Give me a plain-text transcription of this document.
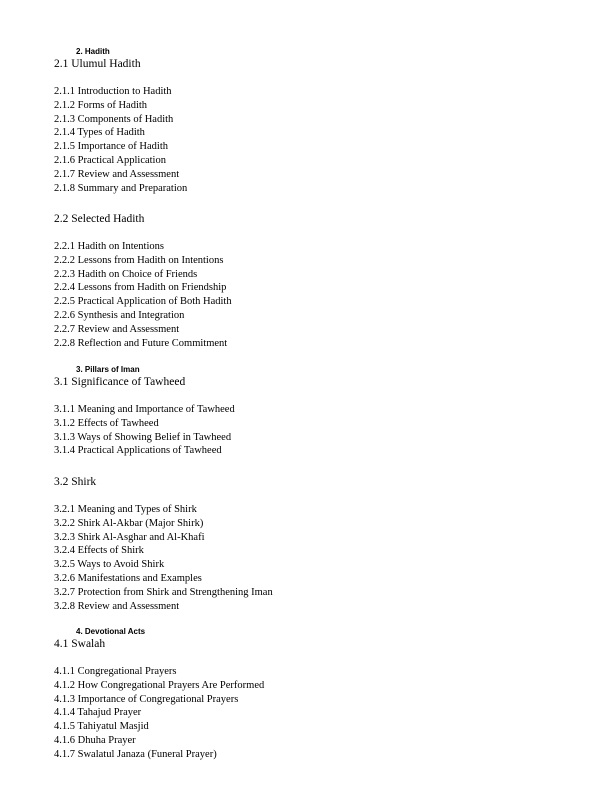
2. Hadith
2.1 Ulumul Hadith
2.1.1 Introduction to Hadith
2.1.2 Forms of Hadith
2.1.3 Components of Hadith
2.1.4 Types of Hadith
2.1.5 Importance of Hadith
2.1.6 Practical Application
2.1.7 Review and Assessment
2.1.8 Summary and Preparation
2.2 Selected Hadith
2.2.1 Hadith on Intentions
2.2.2 Lessons from Hadith on Intentions
2.2.3 Hadith on Choice of Friends
2.2.4 Lessons from Hadith on Friendship
2.2.5 Practical Application of Both Hadith
2.2.6 Synthesis and Integration
2.2.7 Review and Assessment
2.2.8 Reflection and Future Commitment
3. Pillars of Iman
3.1 Significance of Tawheed
3.1.1 Meaning and Importance of Tawheed
3.1.2 Effects of Tawheed
3.1.3 Ways of Showing Belief in Tawheed
3.1.4 Practical Applications of Tawheed
3.2 Shirk
3.2.1 Meaning and Types of Shirk
3.2.2 Shirk Al-Akbar (Major Shirk)
3.2.3 Shirk Al-Asghar and Al-Khafi
3.2.4 Effects of Shirk
3.2.5 Ways to Avoid Shirk
3.2.6 Manifestations and Examples
3.2.7 Protection from Shirk and Strengthening Iman
3.2.8 Review and Assessment
4. Devotional Acts
4.1 Swalah
4.1.1 Congregational Prayers
4.1.2 How Congregational Prayers Are Performed
4.1.3 Importance of Congregational Prayers
4.1.4 Tahajud Prayer
4.1.5 Tahiyatul Masjid
4.1.6 Dhuha Prayer
4.1.7 Swalatul Janaza (Funeral Prayer)
